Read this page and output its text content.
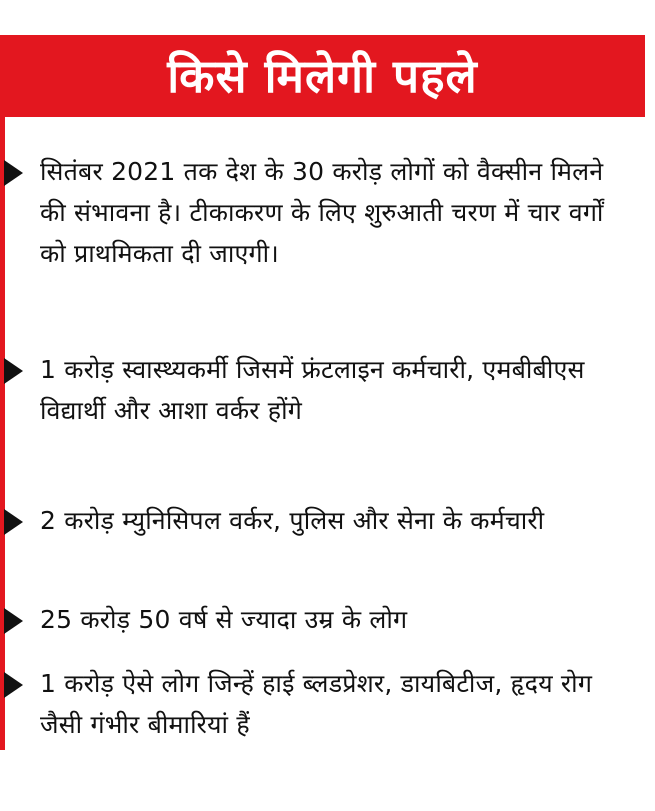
किसे मिलेगी पहले
सितंबर 2021 तक देश के 30 करोड़ लोगों को वैक्सीन मिलने की संभावना है। टीकाकरण के लिए शुरुआती चरण में चार वर्गों को प्राथमिकता दी जाएगी।
1 करोड़ स्वास्थ्यकर्मी जिसमें फ्रंटलाइन कर्मचारी, एमबीबीएस विद्यार्थी और आशा वर्कर होंगे
2 करोड़ म्युनिसिपल वर्कर, पुलिस और सेना के कर्मचारी
25 करोड़ 50 वर्ष से ज्यादा उम्र के लोग
1 करोड़ ऐसे लोग जिन्हें हाई ब्लडप्रेशर, डायबिटीज, हृदय रोग जैसी गंभीर बीमारियां हैं
